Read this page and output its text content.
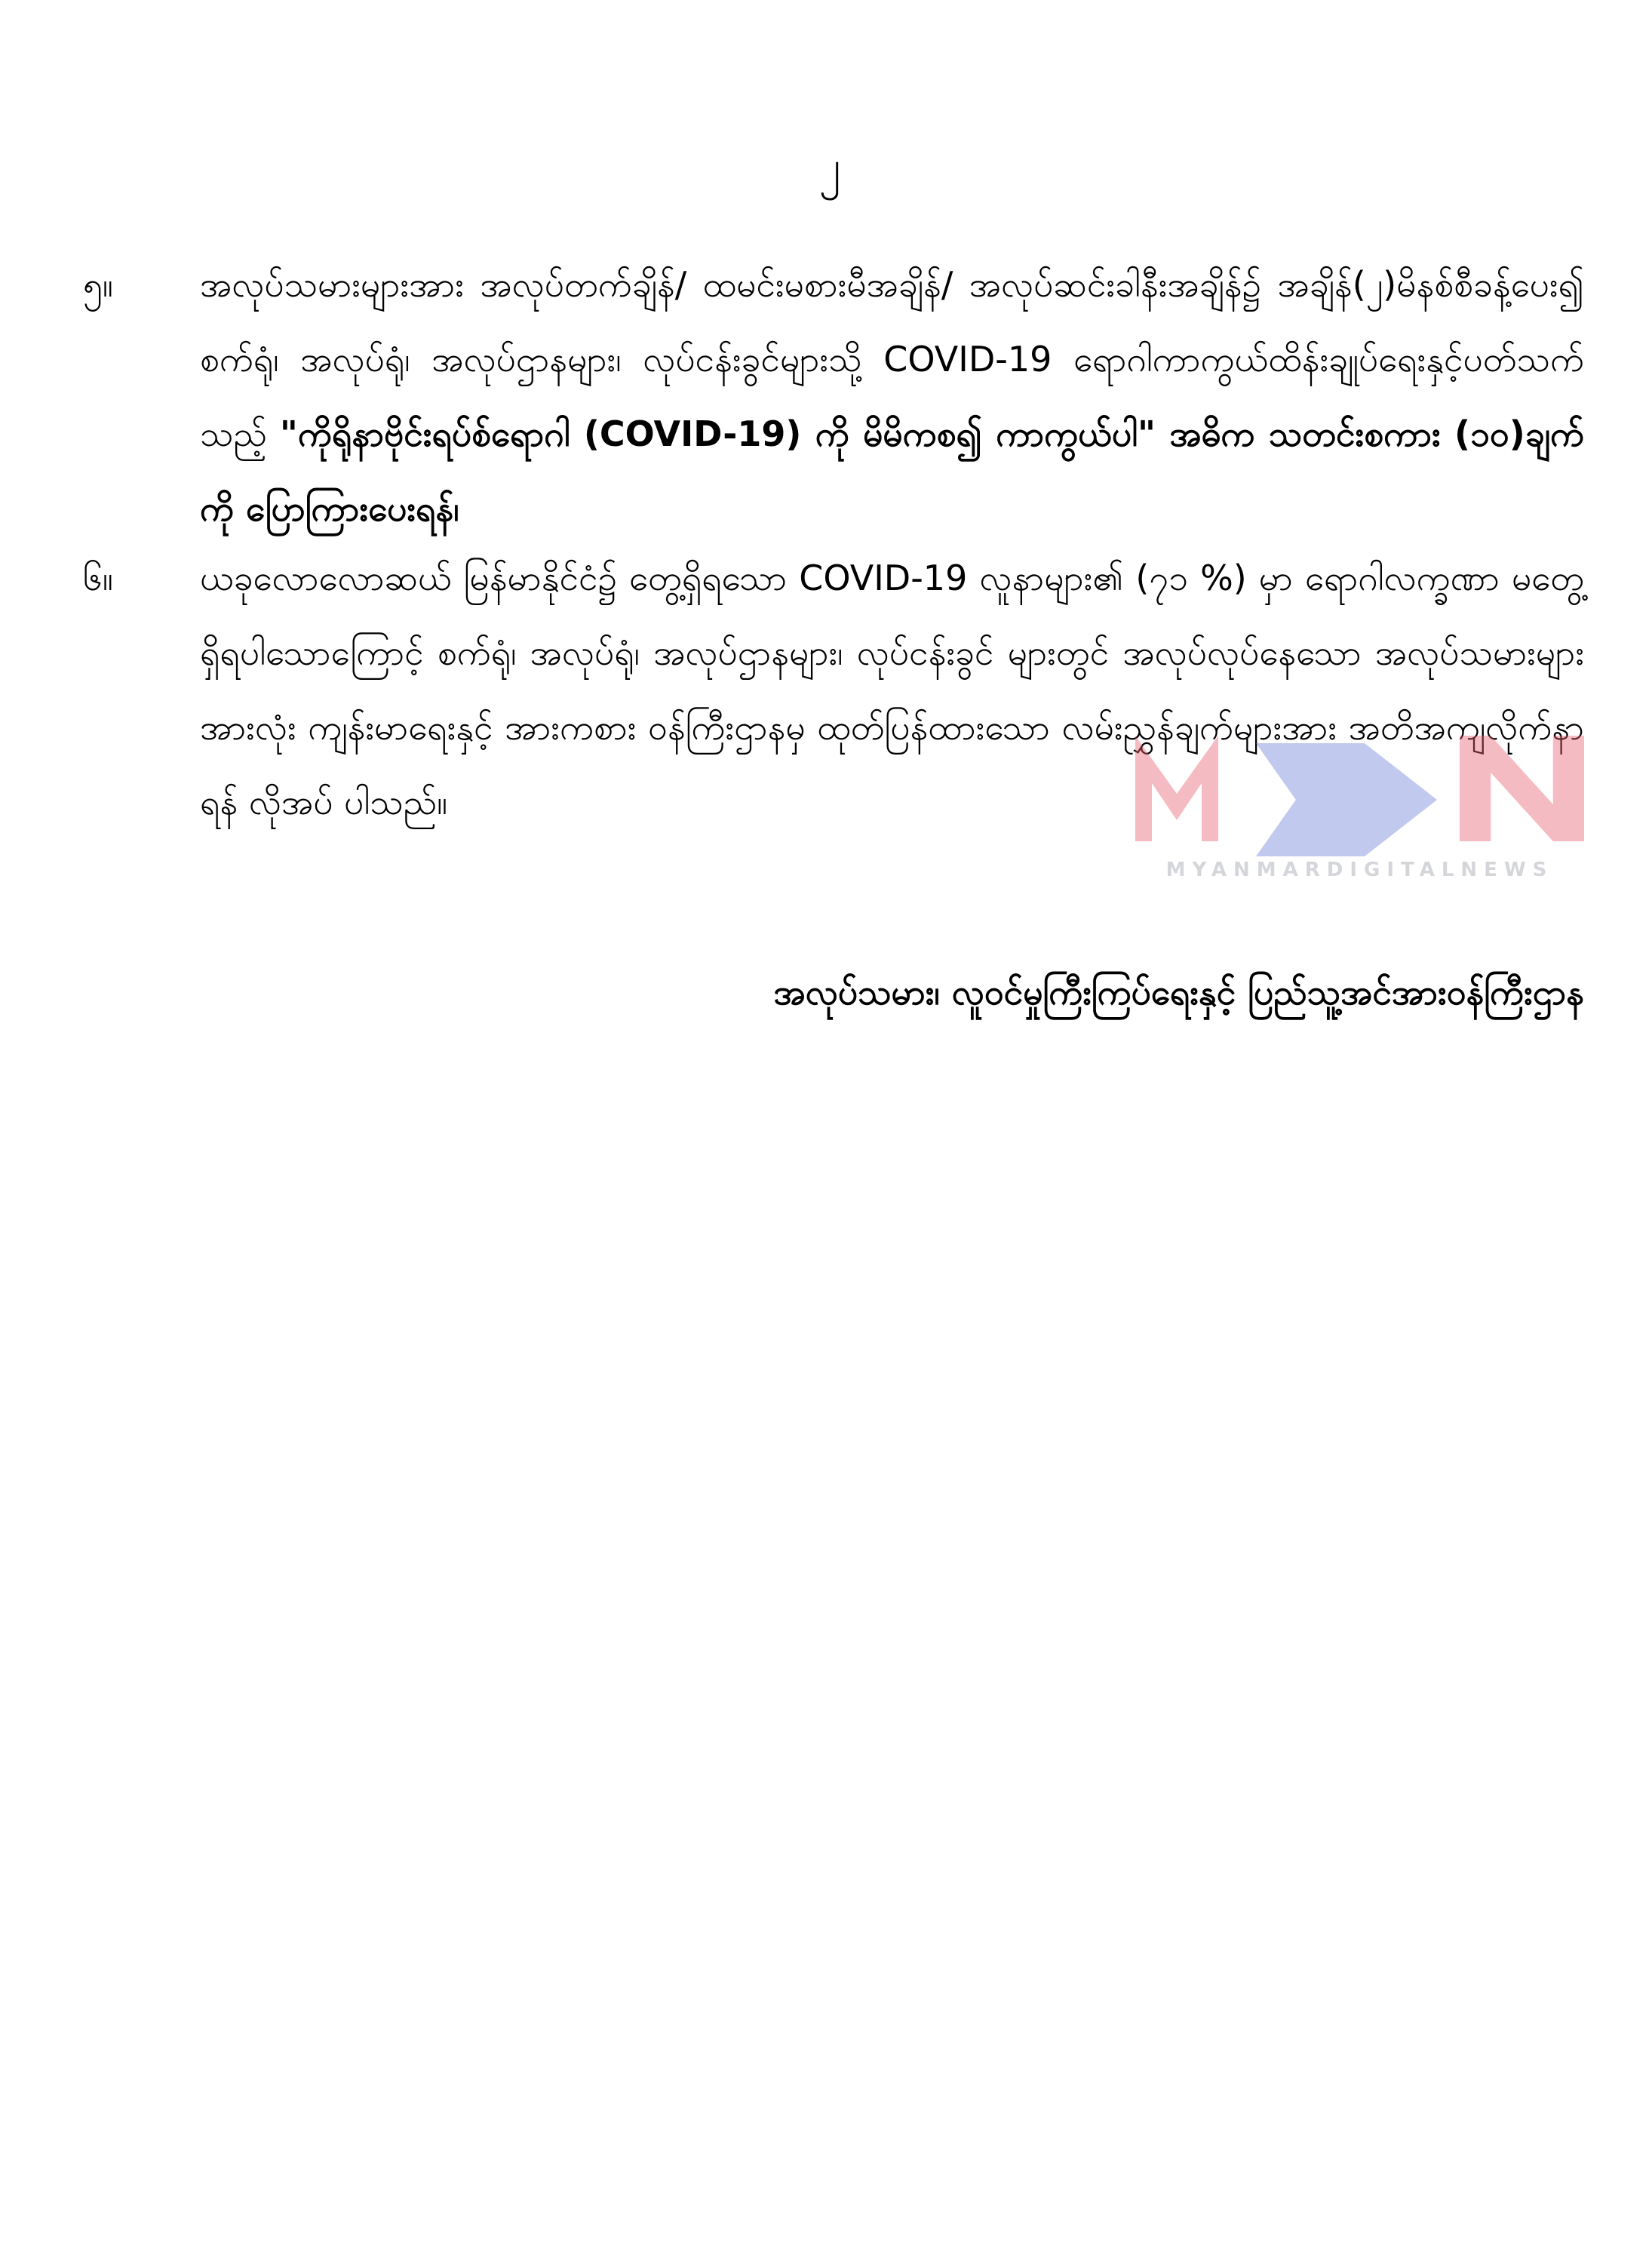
၂
၅။	အလုပ်သမားများအား အလုပ်တက်ချိန်/ ထမင်းမစားမီအချိန်/ အလုပ်ဆင်းခါနီးအချိန်၌ အချိန်(၂)မိနစ်စီခန့်ပေး၍ စက်ရုံ၊ အလုပ်ရုံ၊ အလုပ်ဌာနများ၊ လုပ်ငန်းခွင်များသို့ COVID-19 ရောဂါကာကွယ်ထိန်းချုပ်ရေးနှင့်ပတ်သက်သည့် "ကိုရိုနာဗိုင်းရပ်စ်ရောဂါ (COVID-19) ကို မိမိကစ၍ ကာကွယ်ပါ" အဓိက သတင်းစကား (၁၀)ချက်ကို ပြောကြားပေးရန်၊
၆။	ယခုလောလောဆယ် မြန်မာနိုင်ငံ၌ တွေ့ရှိရသော COVID-19 လူနာများ၏ (၇၁ %) မှာ ရောဂါလက္ခဏာ မတွေ့ရှိရပါသောကြောင့် စက်ရုံ၊ အလုပ်ရုံ၊ အလုပ်ဌာနများ၊ လုပ်ငန်းခွင် များတွင် အလုပ်လုပ်နေသော အလုပ်သမားများအားလုံး ကျန်းမာရေးနှင့် အားကစား ဝန်ကြီးဌာနမှ ထုတ်ပြန်ထားသော လမ်းညွှန်ချက်များအား အတိအကျလိုက်နာရန် လိုအပ် ပါသည်။
MYANMARDIGITALNEWS
အလုပ်သမား၊ လူဝင်မှုကြီးကြပ်ရေးနှင့် ပြည်သူ့အင်အားဝန်ကြီးဌာန
